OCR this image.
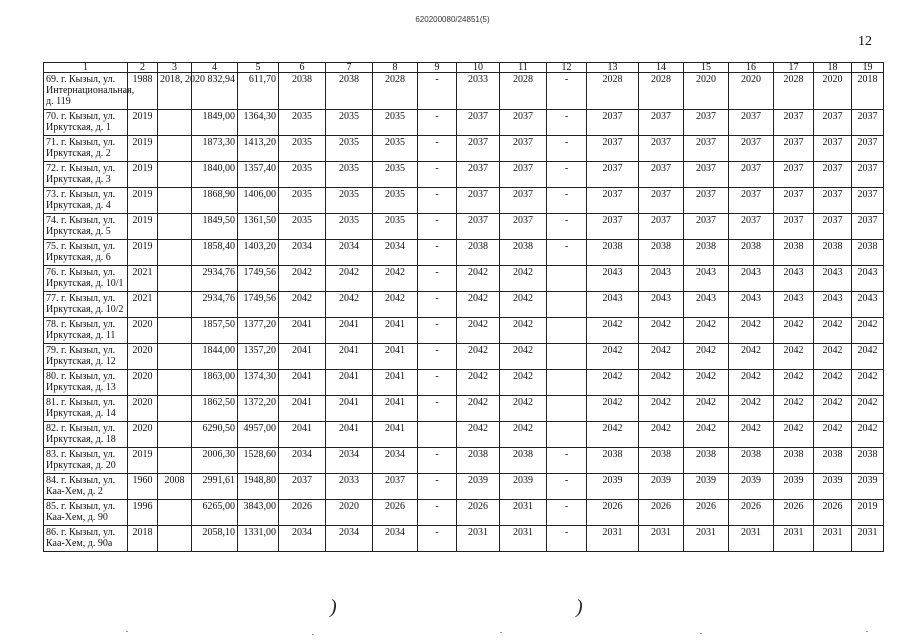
620200080/24851(5)
12
1	2	3	4	5	6	7	8	9	10	11	12	13	14	15	16	17	18	19
69. г. Кызыл, ул. Интернациональная, д. 119	1988	2018, 2020	832,94	611,70	2038	2038	2028	-	2033	2028	-	2028	2028	2020	2020	2028	2020	2018
70. г. Кызыл, ул. Иркутская, д. 1	2019		1849,00	1364,30	2035	2035	2035	-	2037	2037	-	2037	2037	2037	2037	2037	2037	2037
71. г. Кызыл, ул. Иркутская, д. 2	2019		1873,30	1413,20	2035	2035	2035	-	2037	2037	-	2037	2037	2037	2037	2037	2037	2037
72. г. Кызыл, ул. Иркутская, д. 3	2019		1840,00	1357,40	2035	2035	2035	-	2037	2037	-	2037	2037	2037	2037	2037	2037	2037
73. г. Кызыл, ул. Иркутская, д. 4	2019		1868,90	1406,00	2035	2035	2035	-	2037	2037	-	2037	2037	2037	2037	2037	2037	2037
74. г. Кызыл, ул. Иркутская, д. 5	2019		1849,50	1361,50	2035	2035	2035	-	2037	2037	-	2037	2037	2037	2037	2037	2037	2037
75. г. Кызыл, ул. Иркутская, д. 6	2019		1858,40	1403,20	2034	2034	2034	-	2038	2038	-	2038	2038	2038	2038	2038	2038	2038
76. г. Кызыл, ул. Иркутская, д. 10/1	2021		2934,76	1749,56	2042	2042	2042	-	2042	2042		2043	2043	2043	2043	2043	2043	2043
77. г. Кызыл, ул. Иркутская, д. 10/2	2021		2934,76	1749,56	2042	2042	2042	-	2042	2042		2043	2043	2043	2043	2043	2043	2043
78. г. Кызыл, ул. Иркутская, д. 11	2020		1857,50	1377,20	2041	2041	2041	-	2042	2042		2042	2042	2042	2042	2042	2042	2042
79. г. Кызыл, ул. Иркутская, д. 12	2020		1844,00	1357,20	2041	2041	2041	-	2042	2042		2042	2042	2042	2042	2042	2042	2042
80. г. Кызыл, ул. Иркутская, д. 13	2020		1863,00	1374,30	2041	2041	2041	-	2042	2042		2042	2042	2042	2042	2042	2042	2042
81. г. Кызыл, ул. Иркутская, д. 14	2020		1862,50	1372,20	2041	2041	2041	-	2042	2042		2042	2042	2042	2042	2042	2042	2042
82. г. Кызыл, ул. Иркутская, д. 18	2020		6290,50	4957,00	2041	2041	2041		2042	2042		2042	2042	2042	2042	2042	2042	2042
83. г. Кызыл, ул. Иркутская, д. 20	2019		2006,30	1528,60	2034	2034	2034	-	2038	2038	-	2038	2038	2038	2038	2038	2038	2038
84. г. Кызыл, ул. Каа-Хем, д. 2	1960	2008	2991,61	1948,80	2037	2033	2037	-	2039	2039	-	2039	2039	2039	2039	2039	2039	2039
85. г. Кызыл, ул. Каа-Хем, д. 90	1996		6265,00	3843,00	2026	2020	2026	-	2026	2031	-	2026	2026	2026	2026	2026	2026	2019
86. г. Кызыл, ул. Каа-Хем, д. 90а	2018		2058,10	1331,00	2034	2034	2034	-	2031	2031	-	2031	2031	2031	2031	2031	2031	2031
)	)
